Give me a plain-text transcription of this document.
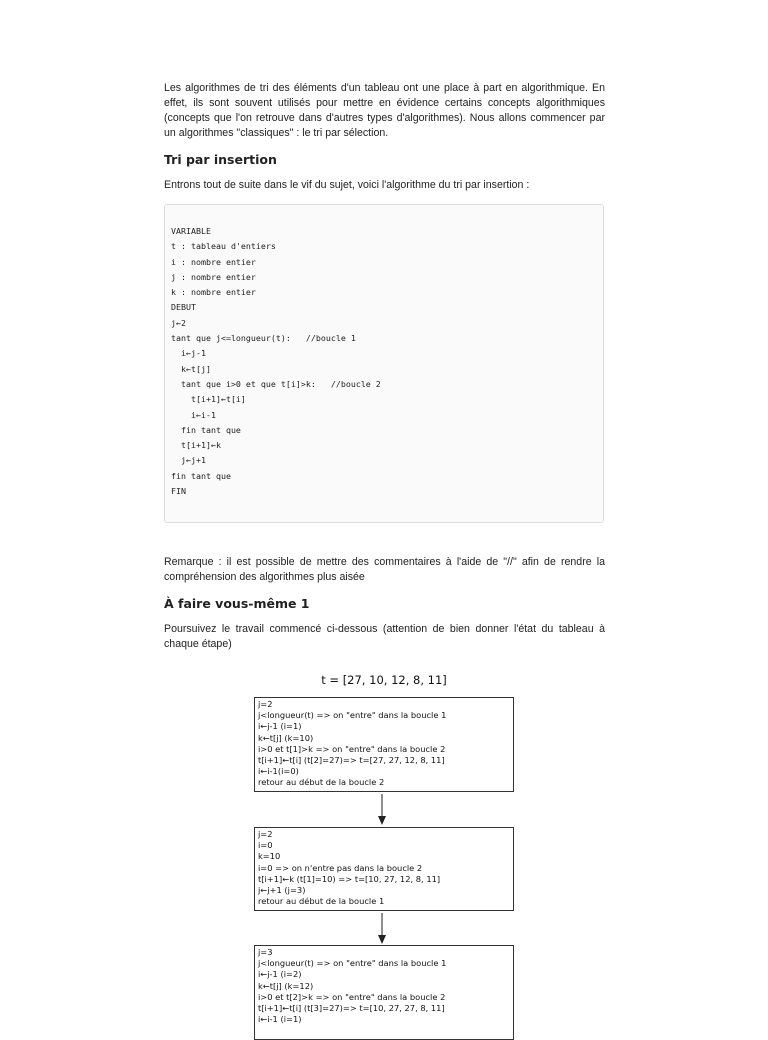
Les algorithmes de tri des éléments d'un tableau ont une place à part en algorithmique. En effet, ils sont souvent utilisés pour mettre en évidence certains concepts algorithmiques (concepts que l'on retrouve dans d'autres types d'algorithmes). Nous allons commencer par un algorithmes "classiques" : le tri par sélection.

Tri par insertion

Entrons tout de suite dans le vif du sujet, voici l'algorithme du tri par insertion :

VARIABLE
t : tableau d'entiers
i : nombre entier
j : nombre entier
k : nombre entier
DEBUT
j←2
tant que j<=longueur(t):   //boucle 1
i←j-1
k←t[j]
tant que i>0 et que t[i]>k:   //boucle 2
t[i+1]←t[i]
i←i-1
fin tant que
t[i+1]←k
j←j+1
fin tant que
FIN

Remarque : il est possible de mettre des commentaires à l'aide de "//" afin de rendre la compréhension des algorithmes plus aisée

À faire vous-même 1

Poursuivez le travail commencé ci-dessous (attention de bien donner l'état du tableau à chaque étape)

t = [27, 10, 12, 8, 11]
j=2
j<longueur(t) => on "entre" dans la boucle 1
i←j-1 (i=1)
k←t[j] (k=10)
i>0 et t[1]>k => on "entre" dans la boucle 2
t[i+1]←t[i] (t[2]=27)=> t=[27, 27, 12, 8, 11]
i←i-1(i=0)
retour au début de la boucle 2
j=2
i=0
k=10
i=0 => on n'entre pas dans la boucle 2
t[i+1]←k (t[1]=10) => t=[10, 27, 12, 8, 11]
j←j+1 (j=3)
retour au début de la boucle 1
j=3
j<longueur(t) => on "entre" dans la boucle 1
i←j-1 (i=2)
k←t[j] (k=12)
i>0 et t[2]>k => on "entre" dans la boucle 2
t[i+1]←t[i] (t[3]=27)=> t=[10, 27, 27, 8, 11]
i←i-1 (i=1)
